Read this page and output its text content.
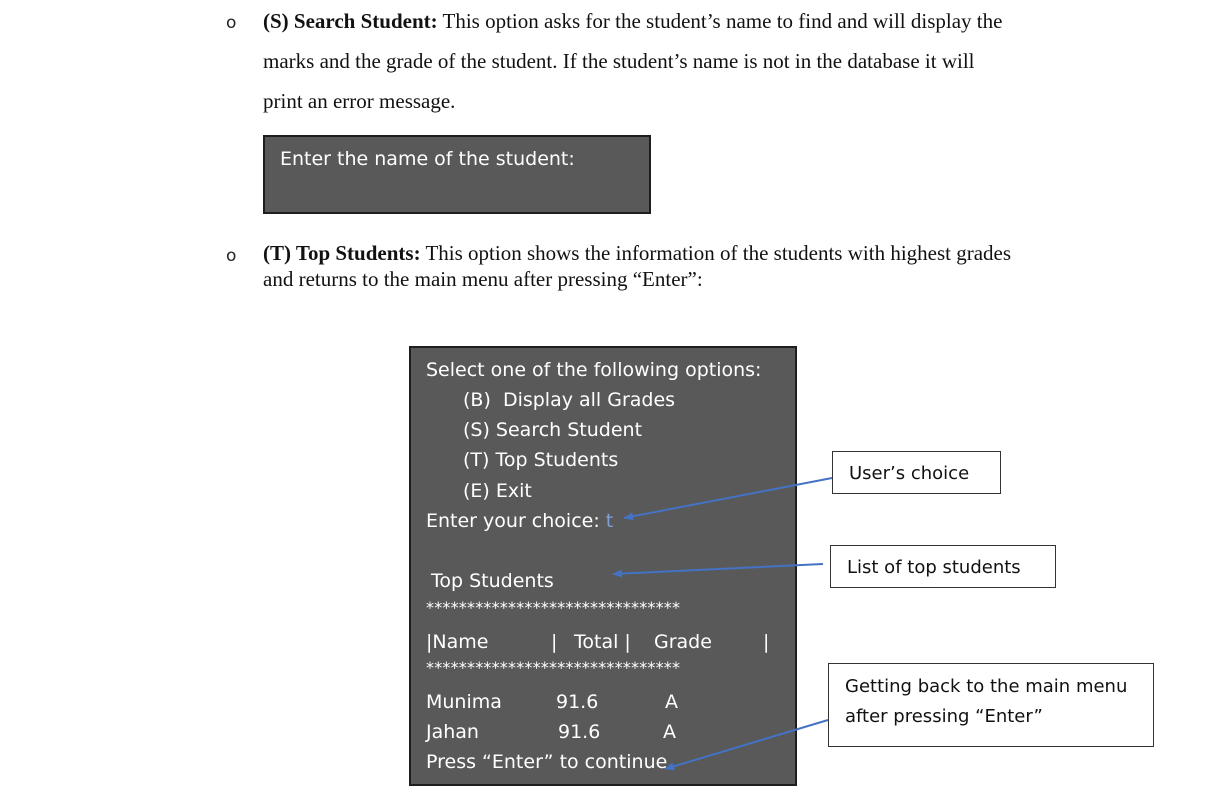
o (S) Search Student: This option asks for the student’s name to find and will display the
marks and the grade of the student. If the student’s name is not in the database it will
print an error message.
Enter the name of the student:
o (T) Top Students: This option shows the information of the students with highest grades
and returns to the main menu after pressing “Enter”:
Select one of the following options:
(B)  Display all Grades
(S) Search Student
(T) Top Students
(E) Exit
Enter your choice: t
Top Students
*******************************
|Name	| Total | Grade	|
*******************************
Munima	91.6	A
Jahan	91.6	A
Press “Enter” to continue
User’s choice
List of top students
Getting back to the main menu
after pressing “Enter”
